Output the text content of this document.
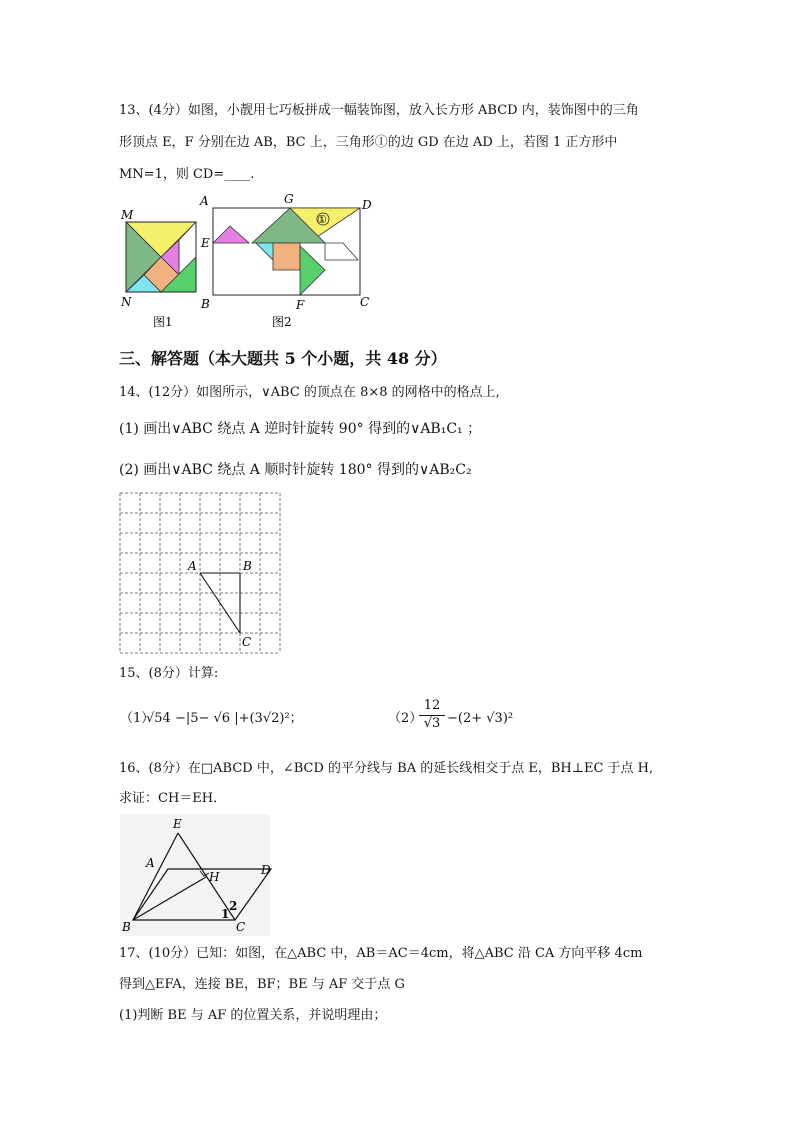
13、(4分）如图，小靓用七巧板拼成一幅装饰图，放入长方形 ABCD 内，装饰图中的三角
形顶点 E，F 分别在边 AB，BC 上，三角形①的边 GD 在边 AD 上，若图 1 正方形中
MN=1，则 CD=____.
M
N
图1
①
A	G	D
E
B	F	C
图2
三、解答题（本大题共 5 个小题，共 48 分）
14、(12分）如图所示，∨ABC 的顶点在 8×8 的网格中的格点上,
(1) 画出∨ABC 绕点 A 逆时针旋转 90° 得到的∨AB₁C₁ ；
(2) 画出∨ABC 绕点 A 顺时针旋转 180° 得到的∨AB₂C₂
A	B
C
15、(8分）计算:
（1）
√54 −|5− √6 |+(3√2)²；	（2）
12
√3 −(2+ √3)²
16、(8分）在□ABCD 中，∠BCD 的平分线与 BA 的延长线相交于点 E，BH⊥EC 于点 H,
求证：CH＝EH．
E
A	D
H
B	C
1
2
17、(10分）已知：如图，在△ABC 中，AB＝AC＝4cm，将△ABC 沿 CA 方向平移 4cm
得到△EFA，连接 BE，BF；BE 与 AF 交于点 G
(1)判断 BE 与 AF 的位置关系，并说明理由；
